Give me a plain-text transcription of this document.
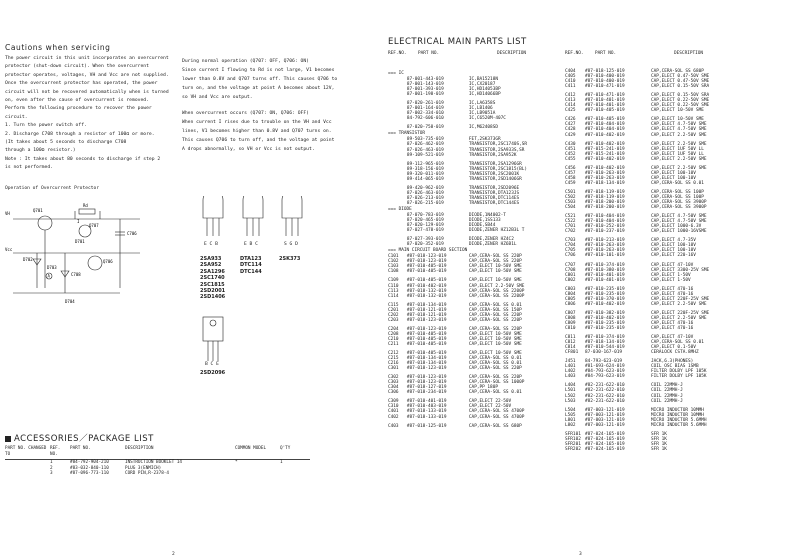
Cautions when servicing
The power circuit in this unit incorporates an overcurrent
protector (shut-down circuit). When the overcurrent
protector operates, voltages, VH and Vcc are not supplied.
Once the overcurrent protector has operated, the power
circuit will not be recovered automatically when is turned
on, even after the cause of overcurrent is removed.
Perform the following procedure to recover the power
circuit.
1. Turn the power switch off.
2. Discharge C708 through a resistor of 100Ω or more.
(It takes about 5 seconds to discharge C708
through a 100Ω resistor.)
Note : It takes about 80 seconds to discharge if step 2
is not performed.
During normal operation (Q707: OFF, Q706: ON)
Since current I flowing to Rd is not large, V1 becomes
lower than 0.8V and Q707 turns off. This causes Q706 to
turn on, and the voltage at point A becomes about 12V,
so VH and Vcc are output.
When overcurrent occurs (Q707: ON, Q706: OFF)
When current I rises due to trouble on the VH and Vcc
lines, V1 becomes higher than 0.8V and Q707 turns on.
This causes Q706 to turn off, and the voltage at point
A drops abnormally, so VH or Vcc is not output.
Operation of Overcurrent Protector
VH
Vcc
Rd
I
Q701
Q707
Q706
C706
D701
D702
D703
D704
C708
A
E C B	E B C	S G D
2SA933
2SA952
2SA1296
2SC1740
2SC1815
2SD2001
2SD1406
DTA123
DTC114
DTC144
2SK373
B C E
2SD2096
ACCESSORIES／PACKAGE LIST
PART NO. CHANGED TO
REF. NO.
PART NO.	DESCRIPTION	COMMON MODEL	Q'TY
1	#84-792-904-210	INSTRUCTION BOOKLET 14	*	1
2	#83-032-840-110	PLUG 3(ENMICH)
3	#87-096-773-110	CORD PIN,R-2378-4
2
ELECTRICAL MAIN PARTS LIST
REF.NO.	PART NO.	DESCRIPTION	REF.NO.	PART NO.	DESCRIPTION
=== IC
87-001-443-019	IC,BA15218N
87-001-143-019	IC,CX20187
87-001-393-019	IC,HD14053BP
87-001-198-019	IC,HD14066BP
87-020-261-019	IC,LA6358S
87-001-164-019	IC,LB1406
87-002-334-010	IC,LB9051A
84-792-606-010	IC,C6520M-407C
87-020-758-019	IC,M62408SD
=== TRANSISTOR
89-503-735-019	FET,2SK373GR
87-026-462-019	TRANSISTOR,2SC1740S,SR
87-026-463-019	TRANSISTOR,2SA933S,SR
89-109-521-019	TRANSISTOR,2SA952K
89-112-965-019	TRANSISTOR,2SA1296GR
89-318-156-019	TRANSISTOR,2SC1815(BL)
89-320-011-019	TRANSISTOR,2SC2001K
89-414-065-019	TRANSISTOR,2SD1406GR
89-420-962-019	TRANSISTOR,2SD2096E
87-026-463-019	TRANSISTOR,DTA123JS
87-026-213-019	TRANSISTOR,DTC114ES
87-026-215-019	TRANSISTOR,DTC144ES
=== DIODE
87-070-783-019	DIODE,1N4002-T
87-020-465-019	DIODE,1SS133
87-020-129-019	DIODE,SB44
87-027-478-019	DIODE,ZENER HZ12B3L T
87-027-393-019	DIODE,ZENER HZ4C2
87-020-352-019	DIODE,ZENER HZ6B1L
=== MAIN CIRCUIT BOARD SECTION
C101	#87-018-123-019	CAP,CERA-SOL SS 220P
C102	#87-018-123-019	CAP,CERA-SOL SS 220P
C103	#87-010-405-019	CAP,ELECT 10-50V SME
C108	#87-010-405-019	CAP,ELECT 10-50V SME
C109	#87-010-405-019	CAP,ELECT 10-50V SME
C110	#87-010-402-019	CAP,ELECT 2.2-50V SME
C113	#87-018-132-019	CAP,CERA-SOL SS 2200P
C114	#87-018-132-019	CAP,CERA-SOL SS 2200P
C115	#87-018-134-019	CAP,CERA-SOL SS 0.01
C201	#87-018-121-019	CAP,CERA-SOL SS 150P
C202	#87-018-121-019	CAP,CERA-SOL SS 220P
C203	#87-018-123-019	CAP,CERA-SOL SS 220P
C204	#87-018-123-019	CAP,CERA-SOL SS 220P
C208	#87-010-405-019	CAP,ELECT 10-50V SME
C210	#87-010-405-019	CAP,ELECT 10-50V SME
C211	#87-010-405-019	CAP,ELECT 10-50V SME
C212	#87-010-405-019	CAP,ELECT 10-50V SME
C215	#87-018-134-019	CAP,CERA-SOL SS 0.01
C216	#87-018-134-019	CAP,CERA-SOL SS 0.01
C301	#87-018-123-019	CAP,CERA-SOL SS 220P
C302	#87-018-123-019	CAP,CERA-SOL SS 220P
C303	#87-018-123-019	CAP,CERA-SOL SS 1000P
C304	#87-018-127-019	CAP,PP 180P
C306	#87-018-234-019	CAP,CERA-SOL SS 0.01
C309	#87-010-401-019	CAP,ELECT 22-50V
C310	#87-010-403-019	CAP,ELECT 22-50V
C401	#87-018-133-019	CAP,CERA-SOL SS 4700P
C402	#87-018-133-019	CAP,CERA-SOL SS 4700P
C403	#87-018-125-019	CAP,CERA-SOL SS 680P
C404	#87-018-125-019	CAP,CERA-SOL SS 680P
C405	#87-010-400-019	CAP,ELECT 0.47-50V SME
C410	#87-010-400-019	CAP,ELECT 0.47-50V SME
C411	#87-010-471-019	CAP,ELECT 0.15-50V SRA
C412	#87-010-471-019	CAP,ELECT 0.15-50V SRA
C413	#87-010-401-019	CAP,ELECT 0.22-50V SME
C414	#87-010-401-019	CAP,ELECT 0.22-50V SME
C425	#87-010-405-019	CAP,ELECT 10-50V SME
C426	#87-010-405-019	CAP,ELECT 10-50V SME
C427	#87-010-404-019	CAP,ELECT 4.7-50V SME
C428	#87-010-404-019	CAP,ELECT 4.7-50V SME
C429	#87-010-402-019	CAP,ELECT 2.2-50V SME
C430	#87-010-402-019	CAP,ELECT 2.2-50V SME
C451	#87-015-241-019	CAP,ELECT 1UF 50V LL
C452	#87-015-241-019	CAP,ELECT 1UF 50V LL
C455	#87-010-402-019	CAP,ELECT 2.2-50V SME
C456	#87-010-402-019	CAP,ELECT 2.2-50V SME
C457	#87-010-263-019	CAP,ELECT 100-10V
C458	#87-010-263-019	CAP,ELECT 100-10V
C459	#87-018-134-019	CAP,CERA-SOL SS 0.01
C501	#87-018-119-019	CAP,CERA-SOL SS 100P
C502	#87-018-119-019	CAP,CERA-SOL SS 100P
C503	#87-018-200-019	CAP,CERA-SOL SS 3900P
C504	#87-018-200-019	CAP,CERA-SOL SS 3900P
C521	#87-010-404-019	CAP,ELECT 4.7-50V SME
C522	#87-010-404-019	CAP,ELECT 4.7-50V SME
C701	#87-010-252-019	CAP,ELECT 1000-6.3V
C702	#87-010-237-019	CAP,ELECT 1000-16VSME
C703	#87-010-213-019	CAP,ELECT 4.7-35V
C704	#87-010-263-019	CAP,ELECT 100-10V
C705	#87-010-263-019	CAP,ELECT 100-10V
C706	#87-010-101-019	CAP,ELECT 220-16V
C707	#87-010-374-019	CAP,ELECT 47-10V
C708	#87-010-380-019	CAP,ELECT 3300-25V SME
C801	#87-010-401-019	CAP,ELECT 1-50V
C802	#87-010-401-019	CAP,ELECT 1-50V
C803	#87-010-235-019	CAP,ELECT 470-16
C804	#87-010-235-019	CAP,ELECT 470-16
C805	#87-010-370-019	CAP,ELECT 220F-25V SME
C806	#87-010-402-019	CAP,ELECT 2.2-50V SME
C807	#87-010-382-019	CAP,ELECT 220F-25V SME
C808	#87-010-402-019	CAP,ELECT 2.2-50V SME
C809	#87-010-235-019	CAP,ELECT 470-16
C810	#87-010-235-019	CAP,ELECT 470-16
C811	#87-010-374-019	CAP,ELECT 47-10V
C812	#87-018-134-019	CAP,CERA-SOL SS 0.01
C814	#87-010-544-019	CAP,ELECT 0.1-50V
CF801	87-030-167-019	CERALOCK CSTA.8MHZ
J451	84-793-623-019	JACK,6.3(PHONES)
L401	#81-693-624-019	COIL OSC BIAS 1SMB
L402	#84-793-623-019	FILTER DOLBY LPF 105K
L403	#84-793-623-019	FILTER DOLBY LPF 105K
L404	#82-231-622-010	COIL 22MMH-J
L501	#82-231-622-010	COIL 22MMH-J
L502	#82-231-622-010	COIL 22MMH-J
L503	#82-231-622-010	COIL 22MMH-J
L504	#87-003-121-019	MICRO INDUCTOR 10MMH
L505	#87-003-121-019	MICRO INDUCTOR 10MMH
L801	#87-003-121-019	MICRO INDUCTOR 5.6MMH
L802	#87-003-121-019	MICRO INDUCTOR 5.6MMH
SFR101 #87-024-165-019	SFR 1K
SFR102 #87-024-165-019	SFR 1K
SFR201 #87-024-165-019	SFR 1K
SFR202 #87-024-165-019	SFR 1K
3
